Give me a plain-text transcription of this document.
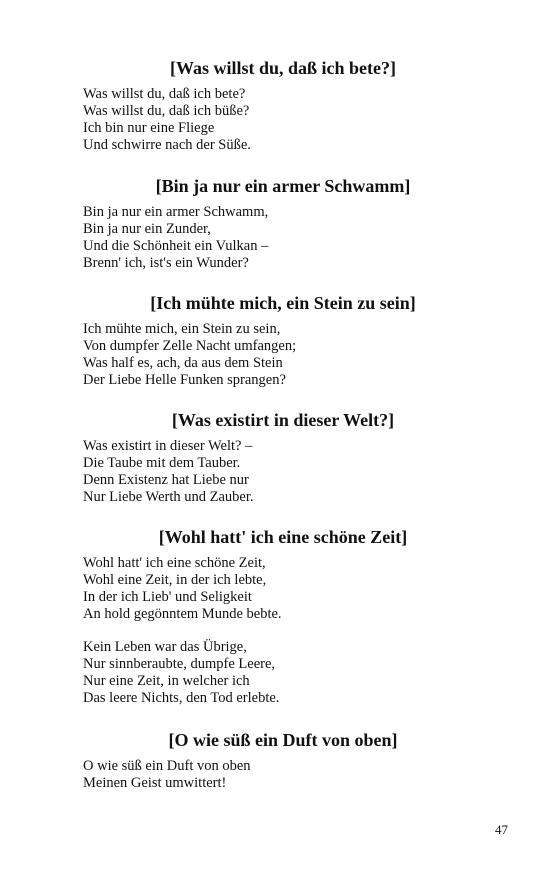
[Was willst du, daß ich bete?]
Was willst du, daß ich bete?
Was willst du, daß ich büße?
Ich bin nur eine Fliege
Und schwirre nach der Süße.
[Bin ja nur ein armer Schwamm]
Bin ja nur ein armer Schwamm,
Bin ja nur ein Zunder,
Und die Schönheit ein Vulkan –
Brenn' ich, ist's ein Wunder?
[Ich mühte mich, ein Stein zu sein]
Ich mühte mich, ein Stein zu sein,
Von dumpfer Zelle Nacht umfangen;
Was half es, ach, da aus dem Stein
Der Liebe Helle Funken sprangen?
[Was existirt in dieser Welt?]
Was existirt in dieser Welt? –
Die Taube mit dem Tauber.
Denn Existenz hat Liebe nur
Nur Liebe Werth und Zauber.
[Wohl hatt' ich eine schöne Zeit]
Wohl hatt' ich eine schöne Zeit,
Wohl eine Zeit, in der ich lebte,
In der ich Lieb' und Seligkeit
An hold gegönntem Munde bebte.
Kein Leben war das Übrige,
Nur sinnberaubte, dumpfe Leere,
Nur eine Zeit, in welcher ich
Das leere Nichts, den Tod erlebte.
[O wie süß ein Duft von oben]
O wie süß ein Duft von oben
Meinen Geist umwittert!
47
